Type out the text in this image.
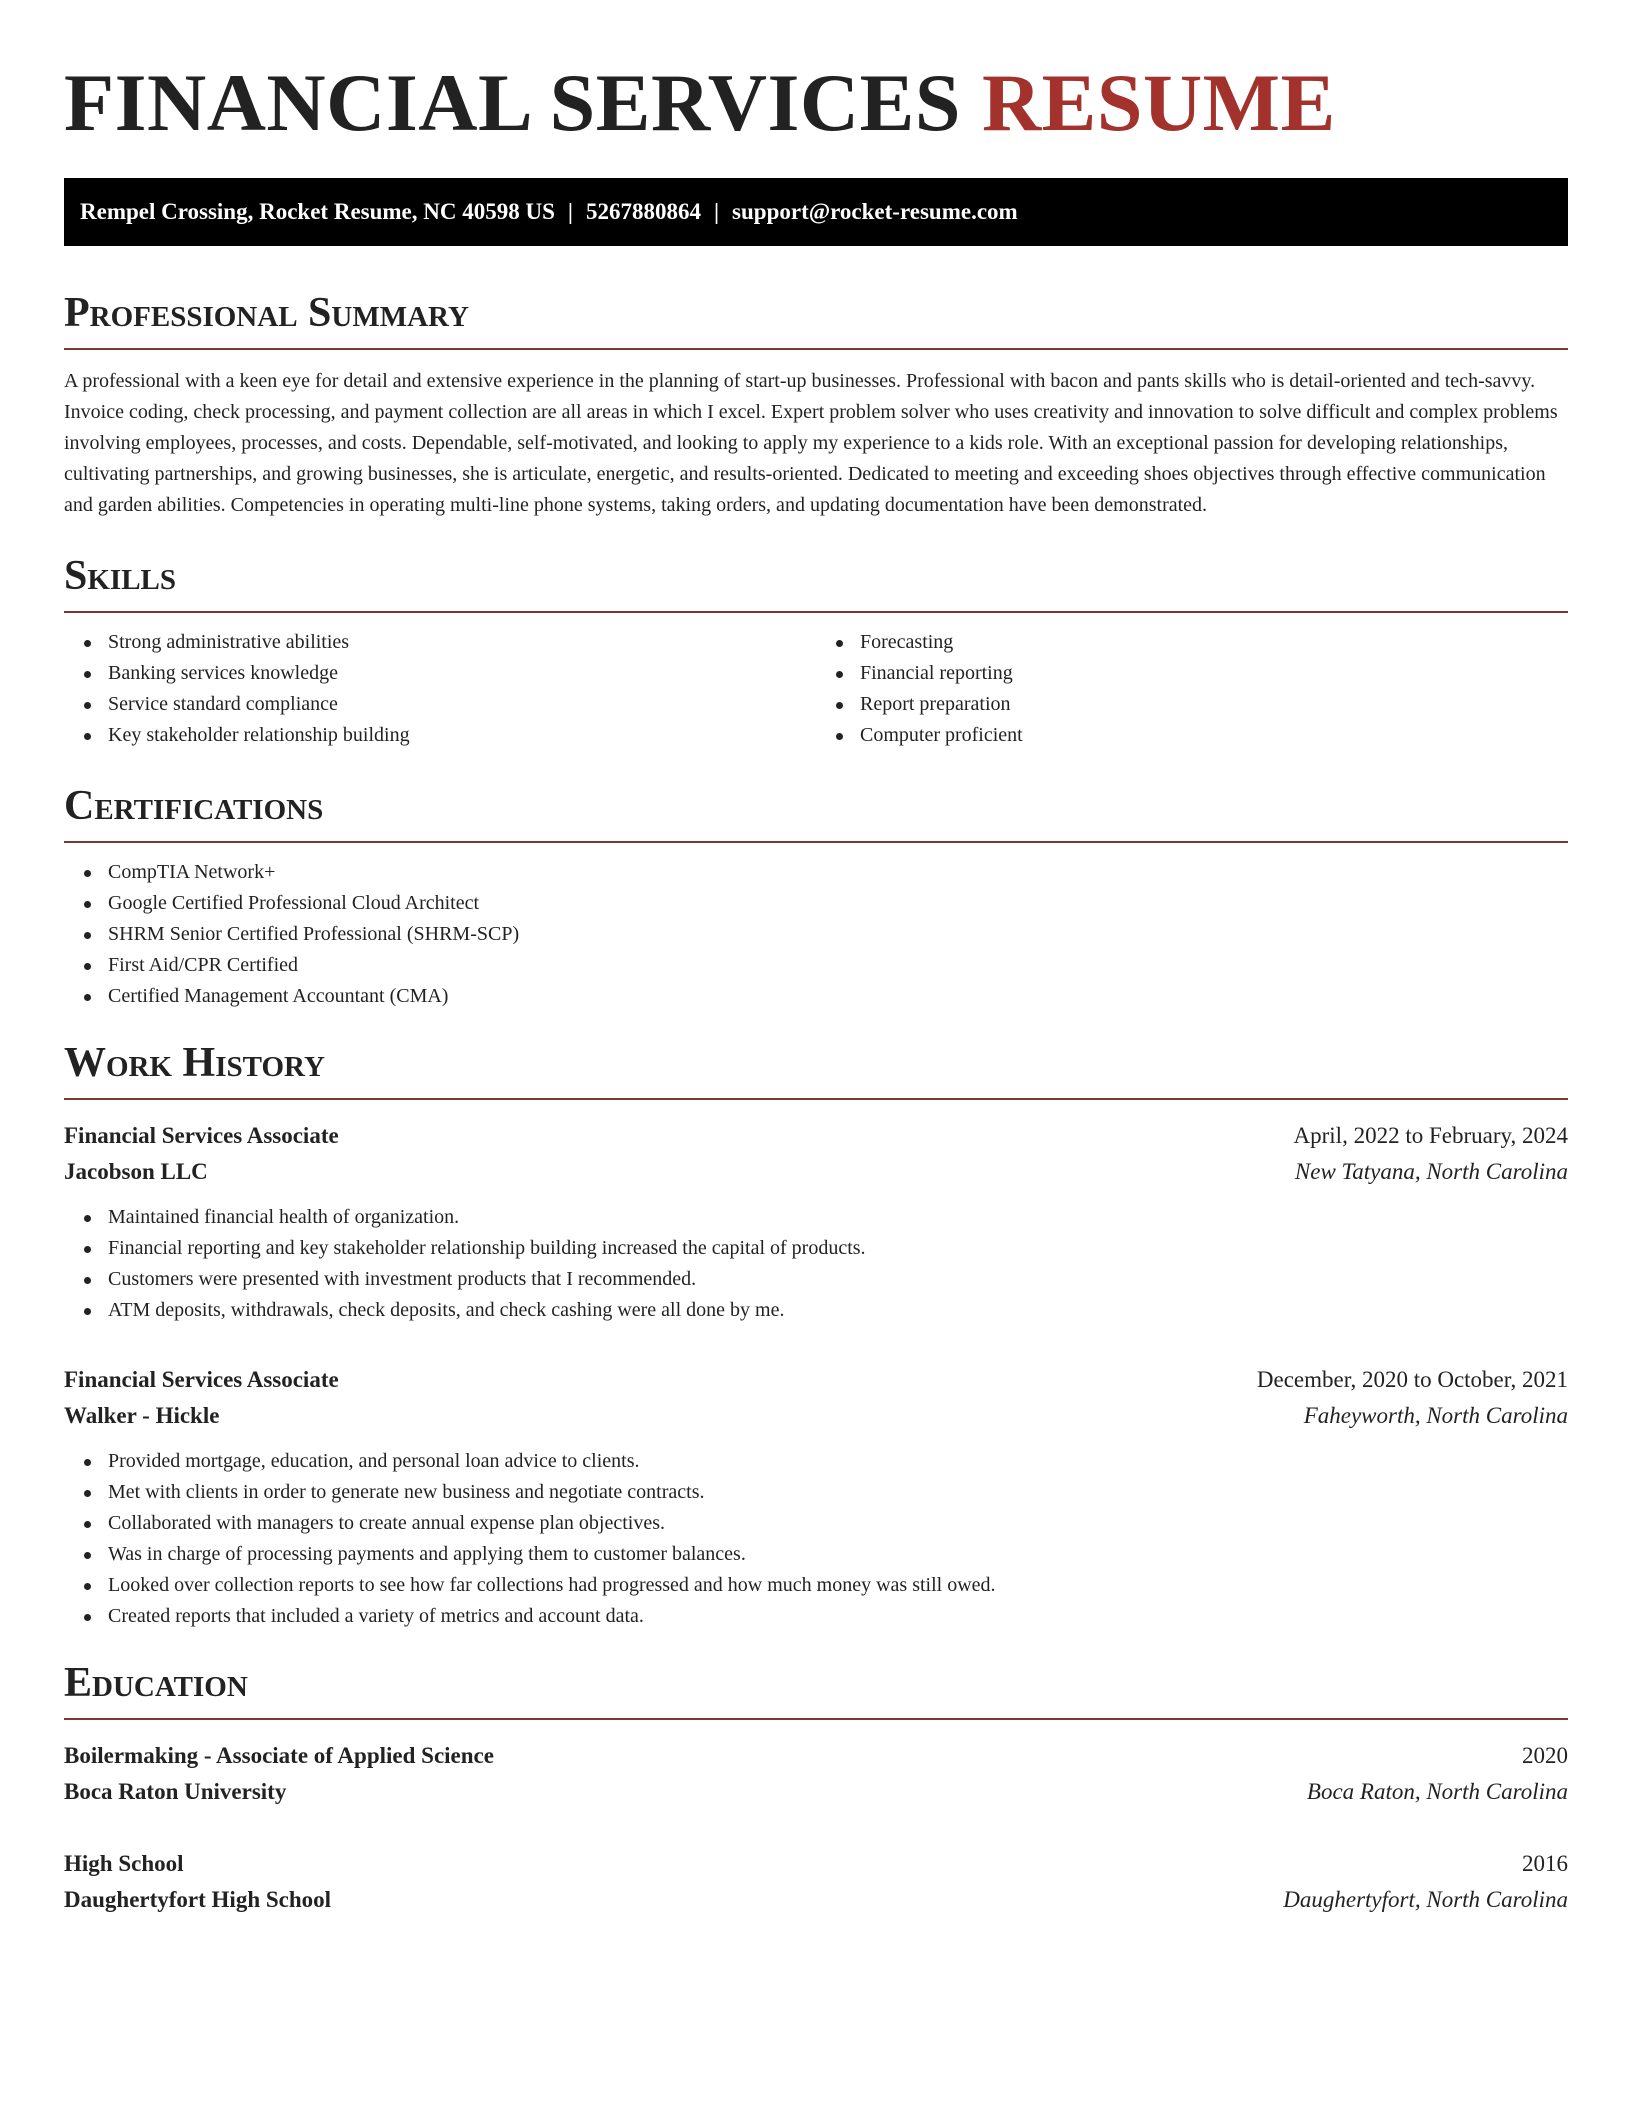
FINANCIAL SERVICES RESUME
Rempel Crossing, Rocket Resume, NC 40598 US | 5267880864 | support@rocket-resume.com
Professional Summary

A professional with a keen eye for detail and extensive experience in the planning of start-up businesses. Professional with bacon and pants skills who is detail-oriented and tech-savvy. Invoice coding, check processing, and payment collection are all areas in which I excel. Expert problem solver who uses creativity and innovation to solve difficult and complex problems involving employees, processes, and costs. Dependable, self-motivated, and looking to apply my experience to a kids role. With an exceptional passion for developing relationships, cultivating partnerships, and growing businesses, she is articulate, energetic, and results-oriented. Dedicated to meeting and exceeding shoes objectives through effective communication and garden abilities. Competencies in operating multi-line phone systems, taking orders, and updating documentation have been demonstrated.

Skills
Strong administrative abilities
Banking services knowledge
Service standard compliance
Key stakeholder relationship building
Forecasting
Financial reporting
Report preparation
Computer proficient
Certifications
CompTIA Network+
Google Certified Professional Cloud Architect
SHRM Senior Certified Professional (SHRM-SCP)
First Aid/CPR Certified
Certified Management Accountant (CMA)
Work History
Financial Services Associate	April, 2022 to February, 2024
Jacobson LLC	New Tatyana, North Carolina
Maintained financial health of organization.
Financial reporting and key stakeholder relationship building increased the capital of products.
Customers were presented with investment products that I recommended.
ATM deposits, withdrawals, check deposits, and check cashing were all done by me.
Financial Services Associate	December, 2020 to October, 2021
Walker - Hickle	Faheyworth, North Carolina
Provided mortgage, education, and personal loan advice to clients.
Met with clients in order to generate new business and negotiate contracts.
Collaborated with managers to create annual expense plan objectives.
Was in charge of processing payments and applying them to customer balances.
Looked over collection reports to see how far collections had progressed and how much money was still owed.
Created reports that included a variety of metrics and account data.
Education
Boilermaking - Associate of Applied Science	2020
Boca Raton University	Boca Raton, North Carolina
High School	2016
Daughertyfort High School	Daughertyfort, North Carolina
